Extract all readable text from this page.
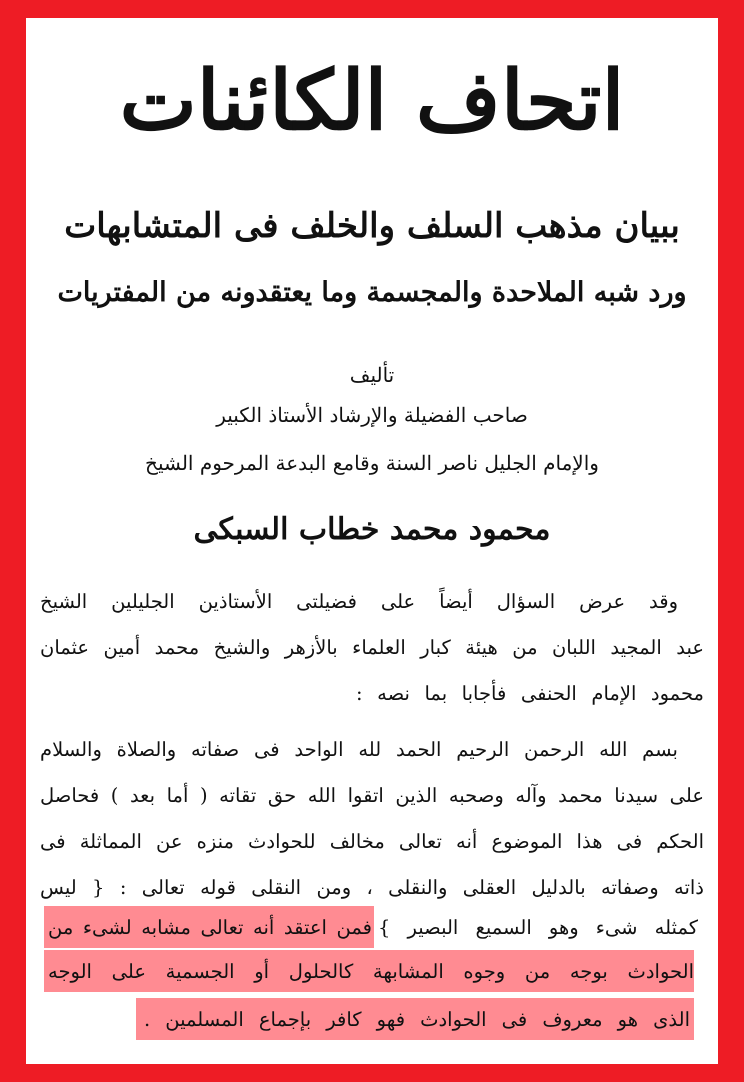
اتحاف الكائنات
ببيان مذهب السلف والخلف فى المتشابهات
ورد شبه الملاحدة والمجسمة وما يعتقدونه من المفتريات
تأليف
صاحب الفضيلة والإرشاد الأستاذ الكبير
والإمام الجليل ناصر السنة وقامع البدعة المرحوم الشيخ
محمود محمد خطاب السبكى
وقد عرض السؤال أيضاً على فضيلتى الأستاذين الجليلين الشيخ
عبد المجيد اللبان من هيئة كبار العلماء بالأزهر والشيخ محمد أمين عثمان
محمود الإمام الحنفى فأجابا بما نصه :
بسم الله الرحمن الرحيم الحمد لله الواحد فى صفاته والصلاة والسلام
على سيدنا محمد وآله وصحبه الذين اتقوا الله حق تقاته ( أما بعد ) فحاصل
الحكم فى هذا الموضوع أنه تعالى مخالف للحوادث منزه عن المماثلة فى
ذاته وصفاته بالدليل العقلى والنقلى ، ومن النقلى قوله تعالى : { ليس
كمثله شىء وهو السميع البصير }
فمن اعتقد أنه تعالى مشابه لشىء من
الحوادث بوجه من وجوه المشابهة كالحلول أو الجسمية على الوجه
الذى هو معروف فى الحوادث فهو كافر بإجماع المسلمين .
